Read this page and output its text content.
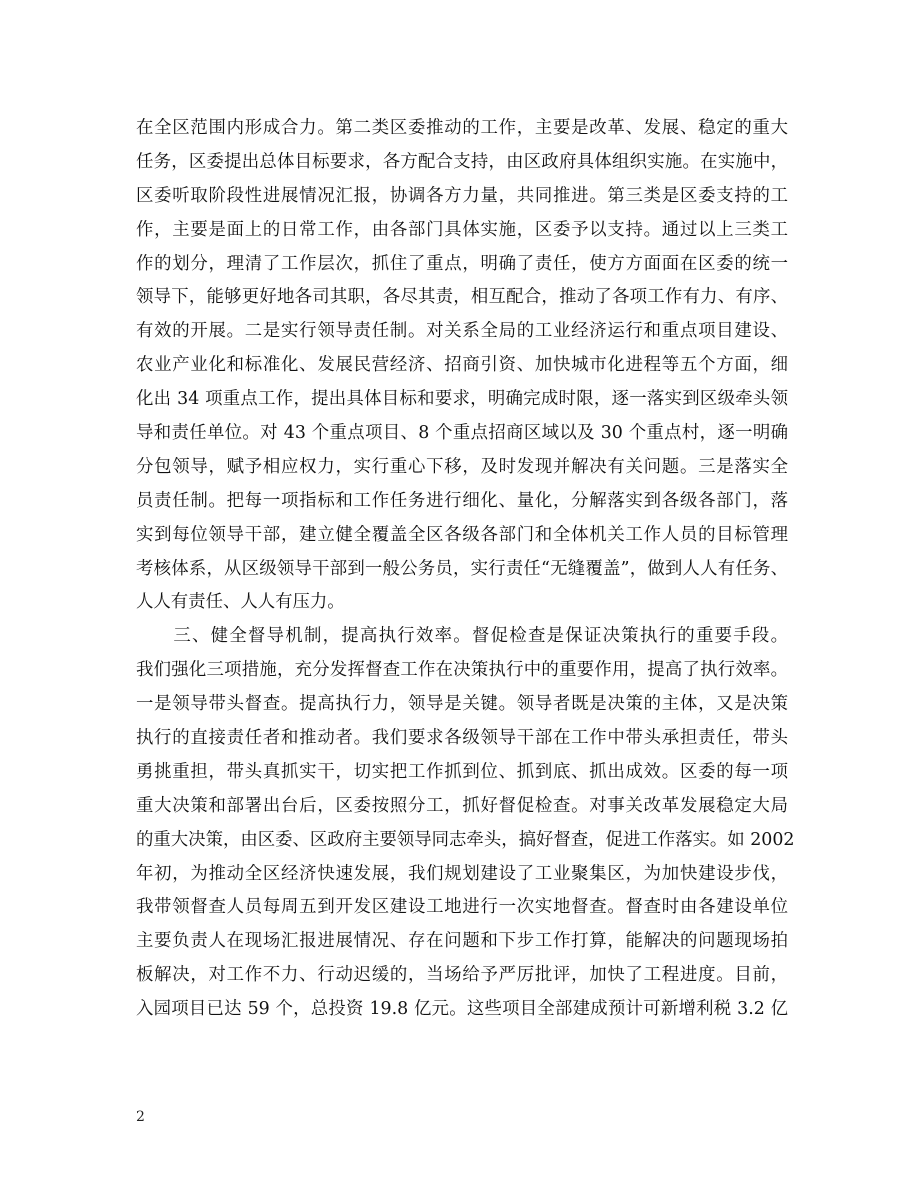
在全区范围内形成合力。第二类区委推动的工作，主要是改革、发展、稳定的重大
任务，区委提出总体目标要求，各方配合支持，由区政府具体组织实施。在实施中，
区委听取阶段性进展情况汇报，协调各方力量，共同推进。第三类是区委支持的工
作，主要是面上的日常工作，由各部门具体实施，区委予以支持。通过以上三类工
作的划分，理清了工作层次，抓住了重点，明确了责任，使方方面面在区委的统一
领导下，能够更好地各司其职，各尽其责，相互配合，推动了各项工作有力、有序、
有效的开展。二是实行领导责任制。对关系全局的工业经济运行和重点项目建设、
农业产业化和标准化、发展民营经济、招商引资、加快城市化进程等五个方面，细
化出 34 项重点工作，提出具体目标和要求，明确完成时限，逐一落实到区级牵头领
导和责任单位。对 43 个重点项目、8 个重点招商区域以及 30 个重点村，逐一明确
分包领导，赋予相应权力，实行重心下移，及时发现并解决有关问题。三是落实全
员责任制。把每一项指标和工作任务进行细化、量化，分解落实到各级各部门，落
实到每位领导干部，建立健全覆盖全区各级各部门和全体机关工作人员的目标管理
考核体系，从区级领导干部到一般公务员，实行责任“无缝覆盖”，做到人人有任务、
人人有责任、人人有压力。
　　三、健全督导机制，提高执行效率。督促检查是保证决策执行的重要手段。
我们强化三项措施，充分发挥督查工作在决策执行中的重要作用，提高了执行效率。
一是领导带头督查。提高执行力，领导是关键。领导者既是决策的主体，又是决策
执行的直接责任者和推动者。我们要求各级领导干部在工作中带头承担责任，带头
勇挑重担，带头真抓实干，切实把工作抓到位、抓到底、抓出成效。区委的每一项
重大决策和部署出台后，区委按照分工，抓好督促检查。对事关改革发展稳定大局
的重大决策，由区委、区政府主要领导同志牵头，搞好督查，促进工作落实。如 2002
年初，为推动全区经济快速发展，我们规划建设了工业聚集区，为加快建设步伐，
我带领督查人员每周五到开发区建设工地进行一次实地督查。督查时由各建设单位
主要负责人在现场汇报进展情况、存在问题和下步工作打算，能解决的问题现场拍
板解决，对工作不力、行动迟缓的，当场给予严厉批评，加快了工程进度。目前，
入园项目已达 59 个，总投资 19.8 亿元。这些项目全部建成预计可新增利税 3.2 亿
2
